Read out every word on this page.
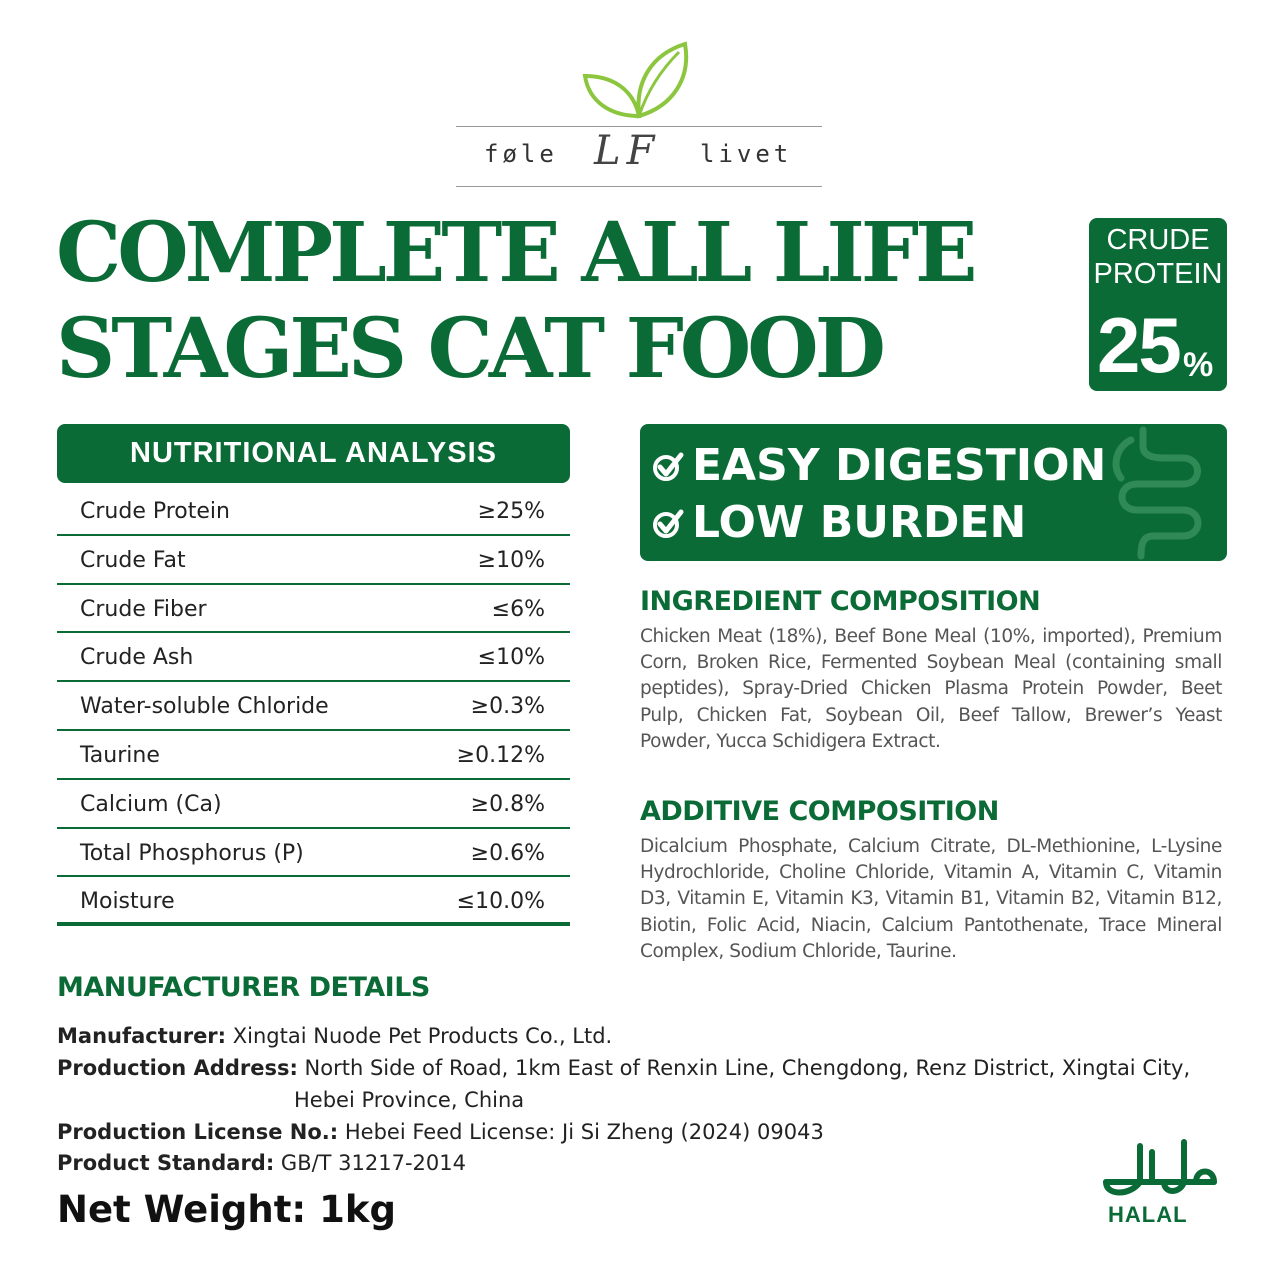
føle LF livet
COMPLETE ALL LIFE
STAGES CAT FOOD
CRUDE
PROTEIN
25 %
NUTRITIONAL ANALYSIS
Crude Protein	≥25%
Crude Fat	≥10%
Crude Fiber	≤6%
Crude Ash	≤10%
Water-soluble Chloride	≥0.3%
Taurine	≥0.12%
Calcium (Ca)	≥0.8%
Total Phosphorus (P)	≥0.6%
Moisture	≤10.0%
EASY DIGESTION
LOW BURDEN
INGREDIENT COMPOSITION
Chicken Meat (18%), Beef Bone Meal (10%, imported), Premium Corn, Broken Rice, Fermented Soybean Meal (containing small peptides), Spray-Dried Chicken Plasma Protein Powder, Beet Pulp, Chicken Fat, Soybean Oil, Beef Tallow, Brewer’s Yeast Powder, Yucca Schidigera Extract.
ADDITIVE COMPOSITION
Dicalcium Phosphate, Calcium Citrate, DL-Methionine, L-Lysine Hydrochloride, Choline Chloride, Vitamin A, Vitamin C, Vitamin D3, Vitamin E, Vitamin K3, Vitamin B1, Vitamin B2, Vitamin B12, Biotin, Folic Acid, Niacin, Calcium Pantothenate, Trace Mineral Complex, Sodium Chloride, Taurine.
MANUFACTURER DETAILS
Manufacturer: Xingtai Nuode Pet Products Co., Ltd.
Production Address: North Side of Road, 1km East of Renxin Line, Chengdong, Renz District, Xingtai City,
Hebei Province, China
Production License No.: Hebei Feed License: Ji Si Zheng (2024) 09043
Product Standard: GB/T 31217-2014
Net Weight: 1kg	HALAL
